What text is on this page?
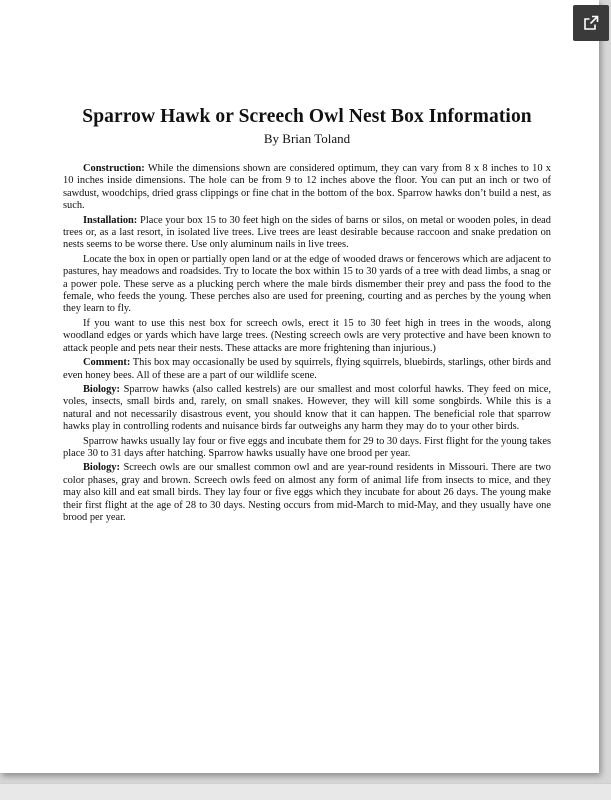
Sparrow Hawk or Screech Owl Nest Box Information

By Brian Toland

Construction: While the dimensions shown are considered optimum, they can vary from 8 x 8 inches to 10 x 10 inches inside dimensions. The hole can be from 9 to 12 inches above the floor. You can put an inch or two of sawdust, woodchips, dried grass clippings or fine chat in the bottom of the box. Sparrow hawks don’t build a nest, as such.

Installation: Place your box 15 to 30 feet high on the sides of barns or silos, on metal or wooden poles, in dead trees or, as a last resort, in isolated live trees. Live trees are least desirable because raccoon and snake predation on nests seems to be worse there. Use only aluminum nails in live trees.

Locate the box in open or partially open land or at the edge of wooded draws or fencerows which are adjacent to pastures, hay meadows and roadsides. Try to locate the box within 15 to 30 yards of a tree with dead limbs, a snag or a power pole. These serve as a plucking perch where the male birds dismember their prey and pass the food to the female, who feeds the young. These perches also are used for preening, courting and as perches by the young when they learn to fly.

If you want to use this nest box for screech owls, erect it 15 to 30 feet high in trees in the woods, along woodland edges or yards which have large trees. (Nesting screech owls are very protective and have been known to attack people and pets near their nests. These attacks are more frightening than injurious.)

Comment: This box may occasionally be used by squirrels, flying squirrels, bluebirds, starlings, other birds and even honey bees. All of these are a part of our wildlife scene.

Biology: Sparrow hawks (also called kestrels) are our smallest and most colorful hawks. They feed on mice, voles, insects, small birds and, rarely, on small snakes. However, they will kill some songbirds. While this is a natural and not necessarily disastrous event, you should know that it can happen. The beneficial role that sparrow hawks play in controlling rodents and nuisance birds far outweighs any harm they may do to your other birds.

Sparrow hawks usually lay four or five eggs and incubate them for 29 to 30 days. First flight for the young takes place 30 to 31 days after hatching. Sparrow hawks usually have one brood per year.

Biology: Screech owls are our smallest common owl and are year-round residents in Missouri. There are two color phases, gray and brown. Screech owls feed on almost any form of animal life from insects to mice, and they may also kill and eat small birds. They lay four or five eggs which they incubate for about 26 days. The young make their first flight at the age of 28 to 30 days. Nesting occurs from mid-March to mid-May, and they usually have one brood per year.
